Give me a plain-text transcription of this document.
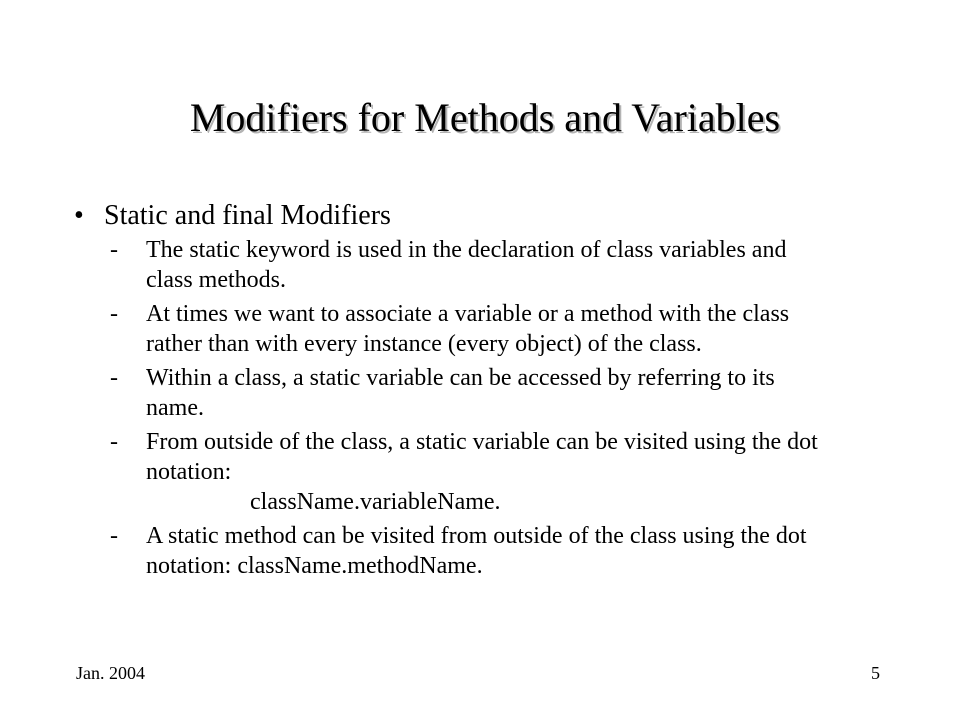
Modifiers for Methods and Variables
• Static and final Modifiers
- The static keyword is used in the declaration of class variables and
class methods.
- At times we want to associate a variable or a method with the class
rather than with every instance (every object) of the class.
- Within a class, a static variable can be accessed by referring to its
name.
- From outside of the class, a static variable can be visited using the dot
notation:
className.variableName.
- A static method can be visited from outside of the class using the dot
notation: className.methodName.
Jan. 2004	5
